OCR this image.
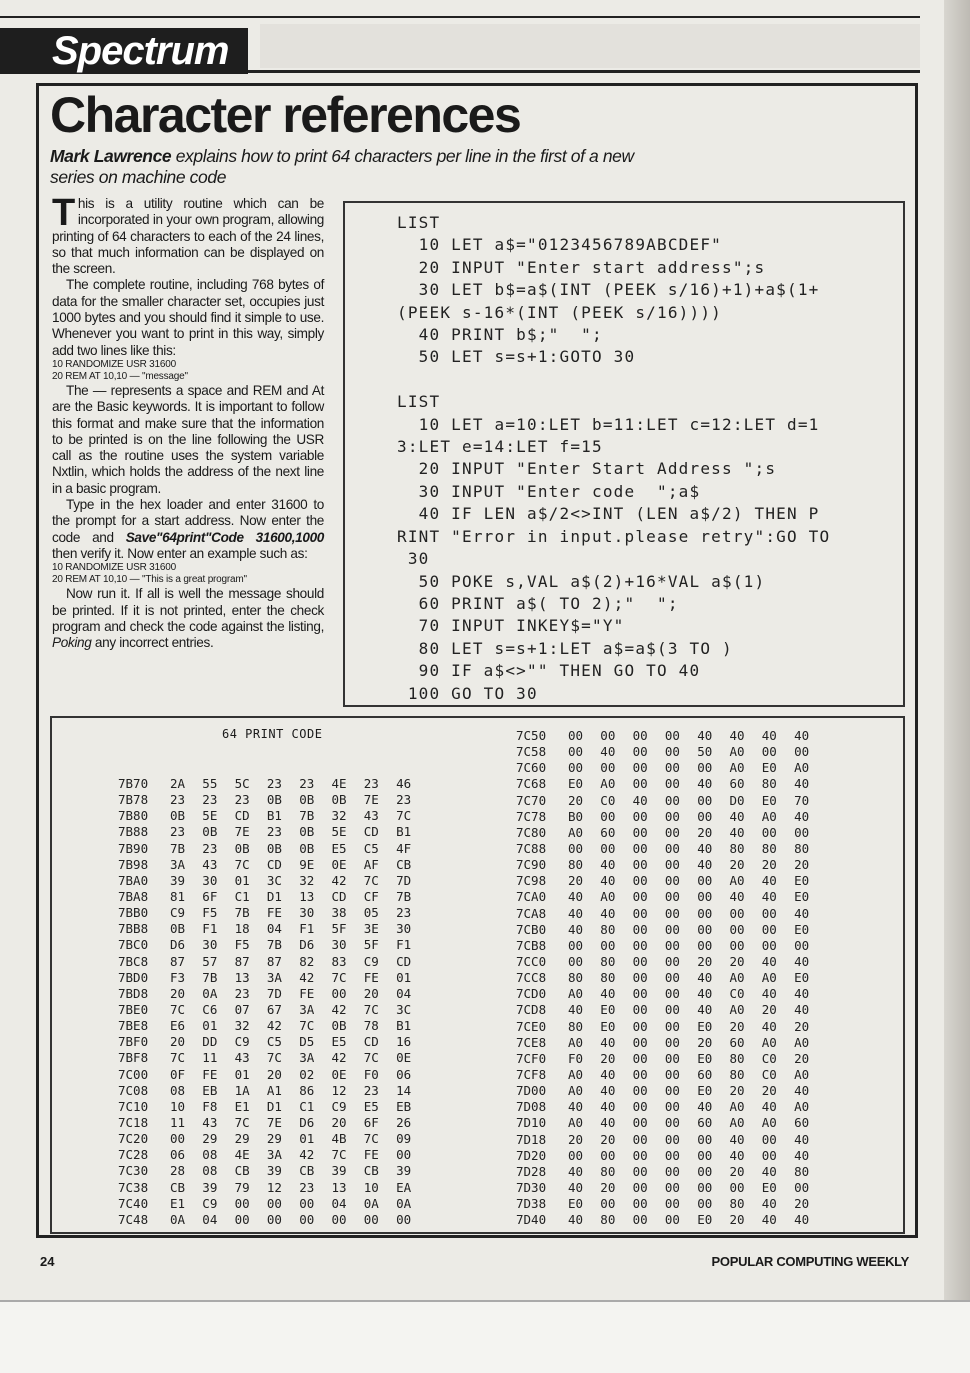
Spectrum
Character references

Mark Lawrence explains how to print 64 characters per line in the first of a new series on machine code

This is a utility routine which can be incorporated in your own program, allowing printing of 64 characters to each of the 24 lines, so that much information can be displayed on the screen.

The complete routine, including 768 bytes of data for the smaller character set, occupies just 1000 bytes and you should find it simple to use. Whenever you want to print in this way, simply add two lines like this:

10 RANDOMIZE USR 31600

20 REM AT 10,10 — "message"

The — represents a space and REM and At are the Basic keywords. It is important to follow this format and make sure that the information to be printed is on the line following the USR call as the routine uses the system variable Nxtlin, which holds the address of the next line in a basic program.

Type in the hex loader and enter 31600 to the prompt for a start address. Now enter the code and Save"64print"Code 31600,1000 then verify it. Now enter an example such as:

10 RANDOMIZE USR 31600

20 REM AT 10,10 — "This is a great program"

Now run it. If all is well the message should be printed. If it is not printed, enter the check program and check the code against the listing, Poking any incorrect entries.

LIST
10 LET a$="0123456789ABCDEF"
20 INPUT "Enter start address";s
30 LET b$=a$(INT (PEEK s/16)+1)+a$(1+
(PEEK s-16*(INT (PEEK s/16))))
40 PRINT b$;"  ";
50 LET s=s+1:GOTO 30

LIST
10 LET a=10:LET b=11:LET c=12:LET d=1
3:LET e=14:LET f=15
20 INPUT "Enter Start Address ";s
30 INPUT "Enter code  ";a$
40 IF LEN a$/2<>INT (LEN a$/2) THEN P
RINT "Error in input.please retry":GO TO
30
50 POKE s,VAL a$(2)+16*VAL a$(1)
60 PRINT a$( TO 2);"  ";
70 INPUT INKEY$="Y"
80 LET s=s+1:LET a$=a$(3 TO )
90 IF a$<>"" THEN GO TO 40
100 GO TO 30
64 PRINT CODE
7B70	2A	55	5C	23	23	4E	23	46
7B78	23	23	23	0B	0B	0B	7E	23
7B80	0B	5E	CD	B1	7B	32	43	7C
7B88	23	0B	7E	23	0B	5E	CD	B1
7B90	7B	23	0B	0B	0B	E5	C5	4F
7B98	3A	43	7C	CD	9E	0E	AF	CB
7BA0	39	30	01	3C	32	42	7C	7D
7BA8	81	6F	C1	D1	13	CD	CF	7B
7BB0	C9	F5	7B	FE	30	38	05	23
7BB8	0B	F1	18	04	F1	5F	3E	30
7BC0	D6	30	F5	7B	D6	30	5F	F1
7BC8	87	57	87	87	82	83	C9	CD
7BD0	F3	7B	13	3A	42	7C	FE	01
7BD8	20	0A	23	7D	FE	00	20	04
7BE0	7C	C6	07	67	3A	42	7C	3C
7BE8	E6	01	32	42	7C	0B	78	B1
7BF0	20	DD	C9	C5	D5	E5	CD	16
7BF8	7C	11	43	7C	3A	42	7C	0E
7C00	0F	FE	01	20	02	0E	F0	06
7C08	08	EB	1A	A1	86	12	23	14
7C10	10	F8	E1	D1	C1	C9	E5	EB
7C18	11	43	7C	7E	D6	20	6F	26
7C20	00	29	29	29	01	4B	7C	09
7C28	06	08	4E	3A	42	7C	FE	00
7C30	28	08	CB	39	CB	39	CB	39
7C38	CB	39	79	12	23	13	10	EA
7C40	E1	C9	00	00	00	04	0A	0A
7C48	0A	04	00	00	00	00	00	00
7C50	00	00	00	00	40	40	40	40
7C58	00	40	00	00	50	A0	00	00
7C60	00	00	00	00	00	A0	E0	A0
7C68	E0	A0	00	00	40	60	80	40
7C70	20	C0	40	00	00	D0	E0	70
7C78	B0	00	00	00	00	40	A0	40
7C80	A0	60	00	00	20	40	00	00
7C88	00	00	00	00	40	80	80	80
7C90	80	40	00	00	40	20	20	20
7C98	20	40	00	00	00	A0	40	E0
7CA0	40	A0	00	00	00	40	40	E0
7CA8	40	40	00	00	00	00	00	40
7CB0	40	80	00	00	00	00	00	E0
7CB8	00	00	00	00	00	00	00	00
7CC0	00	80	00	00	20	20	40	40
7CC8	80	80	00	00	40	A0	A0	E0
7CD0	A0	40	00	00	40	C0	40	40
7CD8	40	E0	00	00	40	A0	20	40
7CE0	80	E0	00	00	E0	20	40	20
7CE8	A0	40	00	00	20	60	A0	A0
7CF0	F0	20	00	00	E0	80	C0	20
7CF8	A0	40	00	00	60	80	C0	A0
7D00	A0	40	00	00	E0	20	20	40
7D08	40	40	00	00	40	A0	40	A0
7D10	A0	40	00	00	60	A0	A0	60
7D18	20	20	00	00	00	40	00	40
7D20	00	00	00	00	00	40	00	40
7D28	40	80	00	00	00	20	40	80
7D30	40	20	00	00	00	00	E0	00
7D38	E0	00	00	00	00	80	40	20
7D40	40	80	00	00	E0	20	40	40
24	POPULAR COMPUTING WEEKLY
